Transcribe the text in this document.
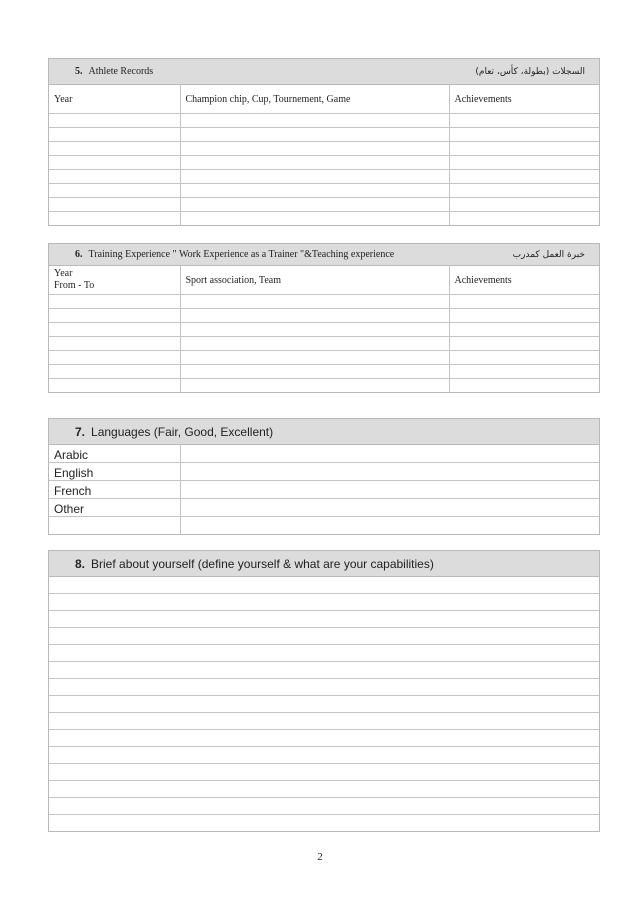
5. Athlete Records	السجلات (بطولة، كأس، تعام)
Year	Champion chip, Cup, Tournement, Game	Achievements

6. Training Experience " Work Experience as a Trainer "&Teaching experience	خبرة العمل كمدرب
Year
From - To	Sport association, Team	Achievements

7. Languages (Fair, Good, Excellent)
Arabic	
English	
French	
Other	

8. Brief about yourself (define yourself & what are your capabilities)

2
